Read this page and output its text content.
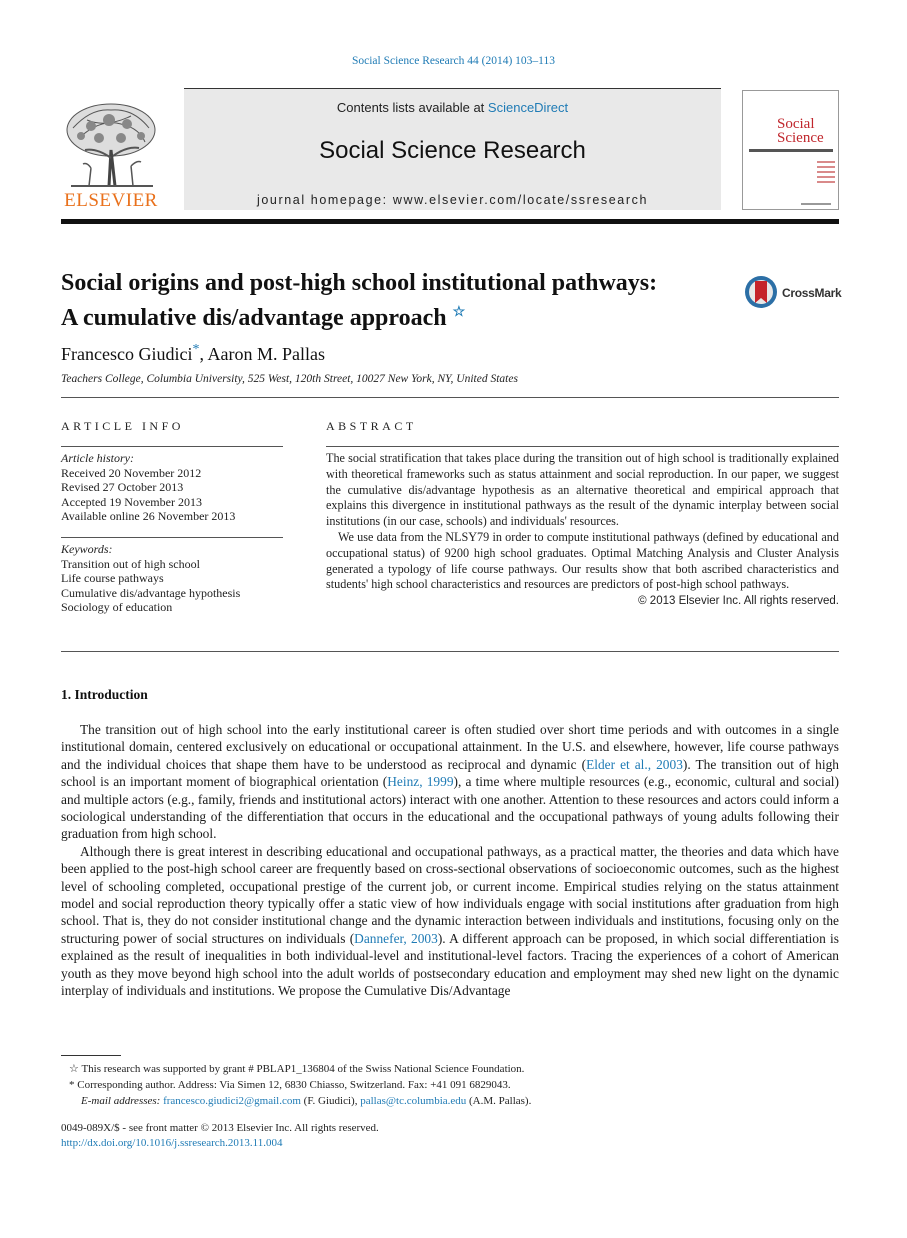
Social Science Research 44 (2014) 103–113
ELSEVIER
Contents lists available at ScienceDirect
Social Science Research
journal homepage: www.elsevier.com/locate/ssresearch
Social
Science
Social origins and post-high school institutional pathways:
A cumulative dis/advantage approach ☆
CrossMark
Francesco Giudici*, Aaron M. Pallas
Teachers College, Columbia University, 525 West, 120th Street, 10027 New York, NY, United States
ARTICLE INFO	ABSTRACT
Article history:
Received 20 November 2012
Revised 27 October 2013
Accepted 19 November 2013
Available online 26 November 2013
Keywords:
Transition out of high school
Life course pathways
Cumulative dis/advantage hypothesis
Sociology of education

The social stratification that takes place during the transition out of high school is traditionally explained with theoretical frameworks such as status attainment and social reproduction. In our paper, we suggest the cumulative dis/advantage hypothesis as an alternative theoretical and empirical approach that explains this divergence in institutional pathways as the result of the dynamic interplay between social institutions (in our case, schools) and individuals' resources.

We use data from the NLSY79 in order to compute institutional pathways (defined by educational and occupational status) of 9200 high school graduates. Optimal Matching Analysis and Cluster Analysis generated a typology of life course pathways. Our results show that both ascribed characteristics and students' high school characteristics and resources are predictors of post-high school pathways.

© 2013 Elsevier Inc. All rights reserved.

1. Introduction

The transition out of high school into the early institutional career is often studied over short time periods and with outcomes in a single institutional domain, centered exclusively on educational or occupational attainment. In the U.S. and elsewhere, however, life course pathways and the individual choices that shape them have to be understood as reciprocal and dynamic (Elder et al., 2003). The transition out of high school is an important moment of biographical orientation (Heinz, 1999), a time where multiple resources (e.g., economic, cultural and social) and multiple actors (e.g., family, friends and institutional actors) interact with one another. Attention to these resources and actors could inform a sociological understanding of the differentiation that occurs in the educational and the occupational pathways of young adults following their graduation from high school.

Although there is great interest in describing educational and occupational pathways, as a practical matter, the theories and data which have been applied to the post-high school career are frequently based on cross-sectional observations of socioeconomic outcomes, such as the highest level of schooling completed, occupational prestige of the current job, or current income. Empirical studies relying on the status attainment model and social reproduction theory typically offer a static view of how individuals engage with social institutions after graduation from high school. That is, they do not consider institutional change and the dynamic interaction between individuals and institutions, focusing only on the structuring power of social structures on individuals (Dannefer, 2003). A different approach can be proposed, in which social differentiation is explained as the result of inequalities in both individual-level and institutional-level factors. Tracing the experiences of a cohort of American youth as they move beyond high school into the adult worlds of postsecondary education and employment may shed new light on the dynamic interplay of individuals and institutions. We propose the Cumulative Dis/Advantage

☆ This research was supported by grant # PBLAP1_136804 of the Swiss National Science Foundation.
* Corresponding author. Address: Via Simen 12, 6830 Chiasso, Switzerland. Fax: +41 091 6829043.
E-mail addresses: francesco.giudici2@gmail.com (F. Giudici), pallas@tc.columbia.edu (A.M. Pallas).
0049-089X/$ - see front matter © 2013 Elsevier Inc. All rights reserved.
http://dx.doi.org/10.1016/j.ssresearch.2013.11.004
